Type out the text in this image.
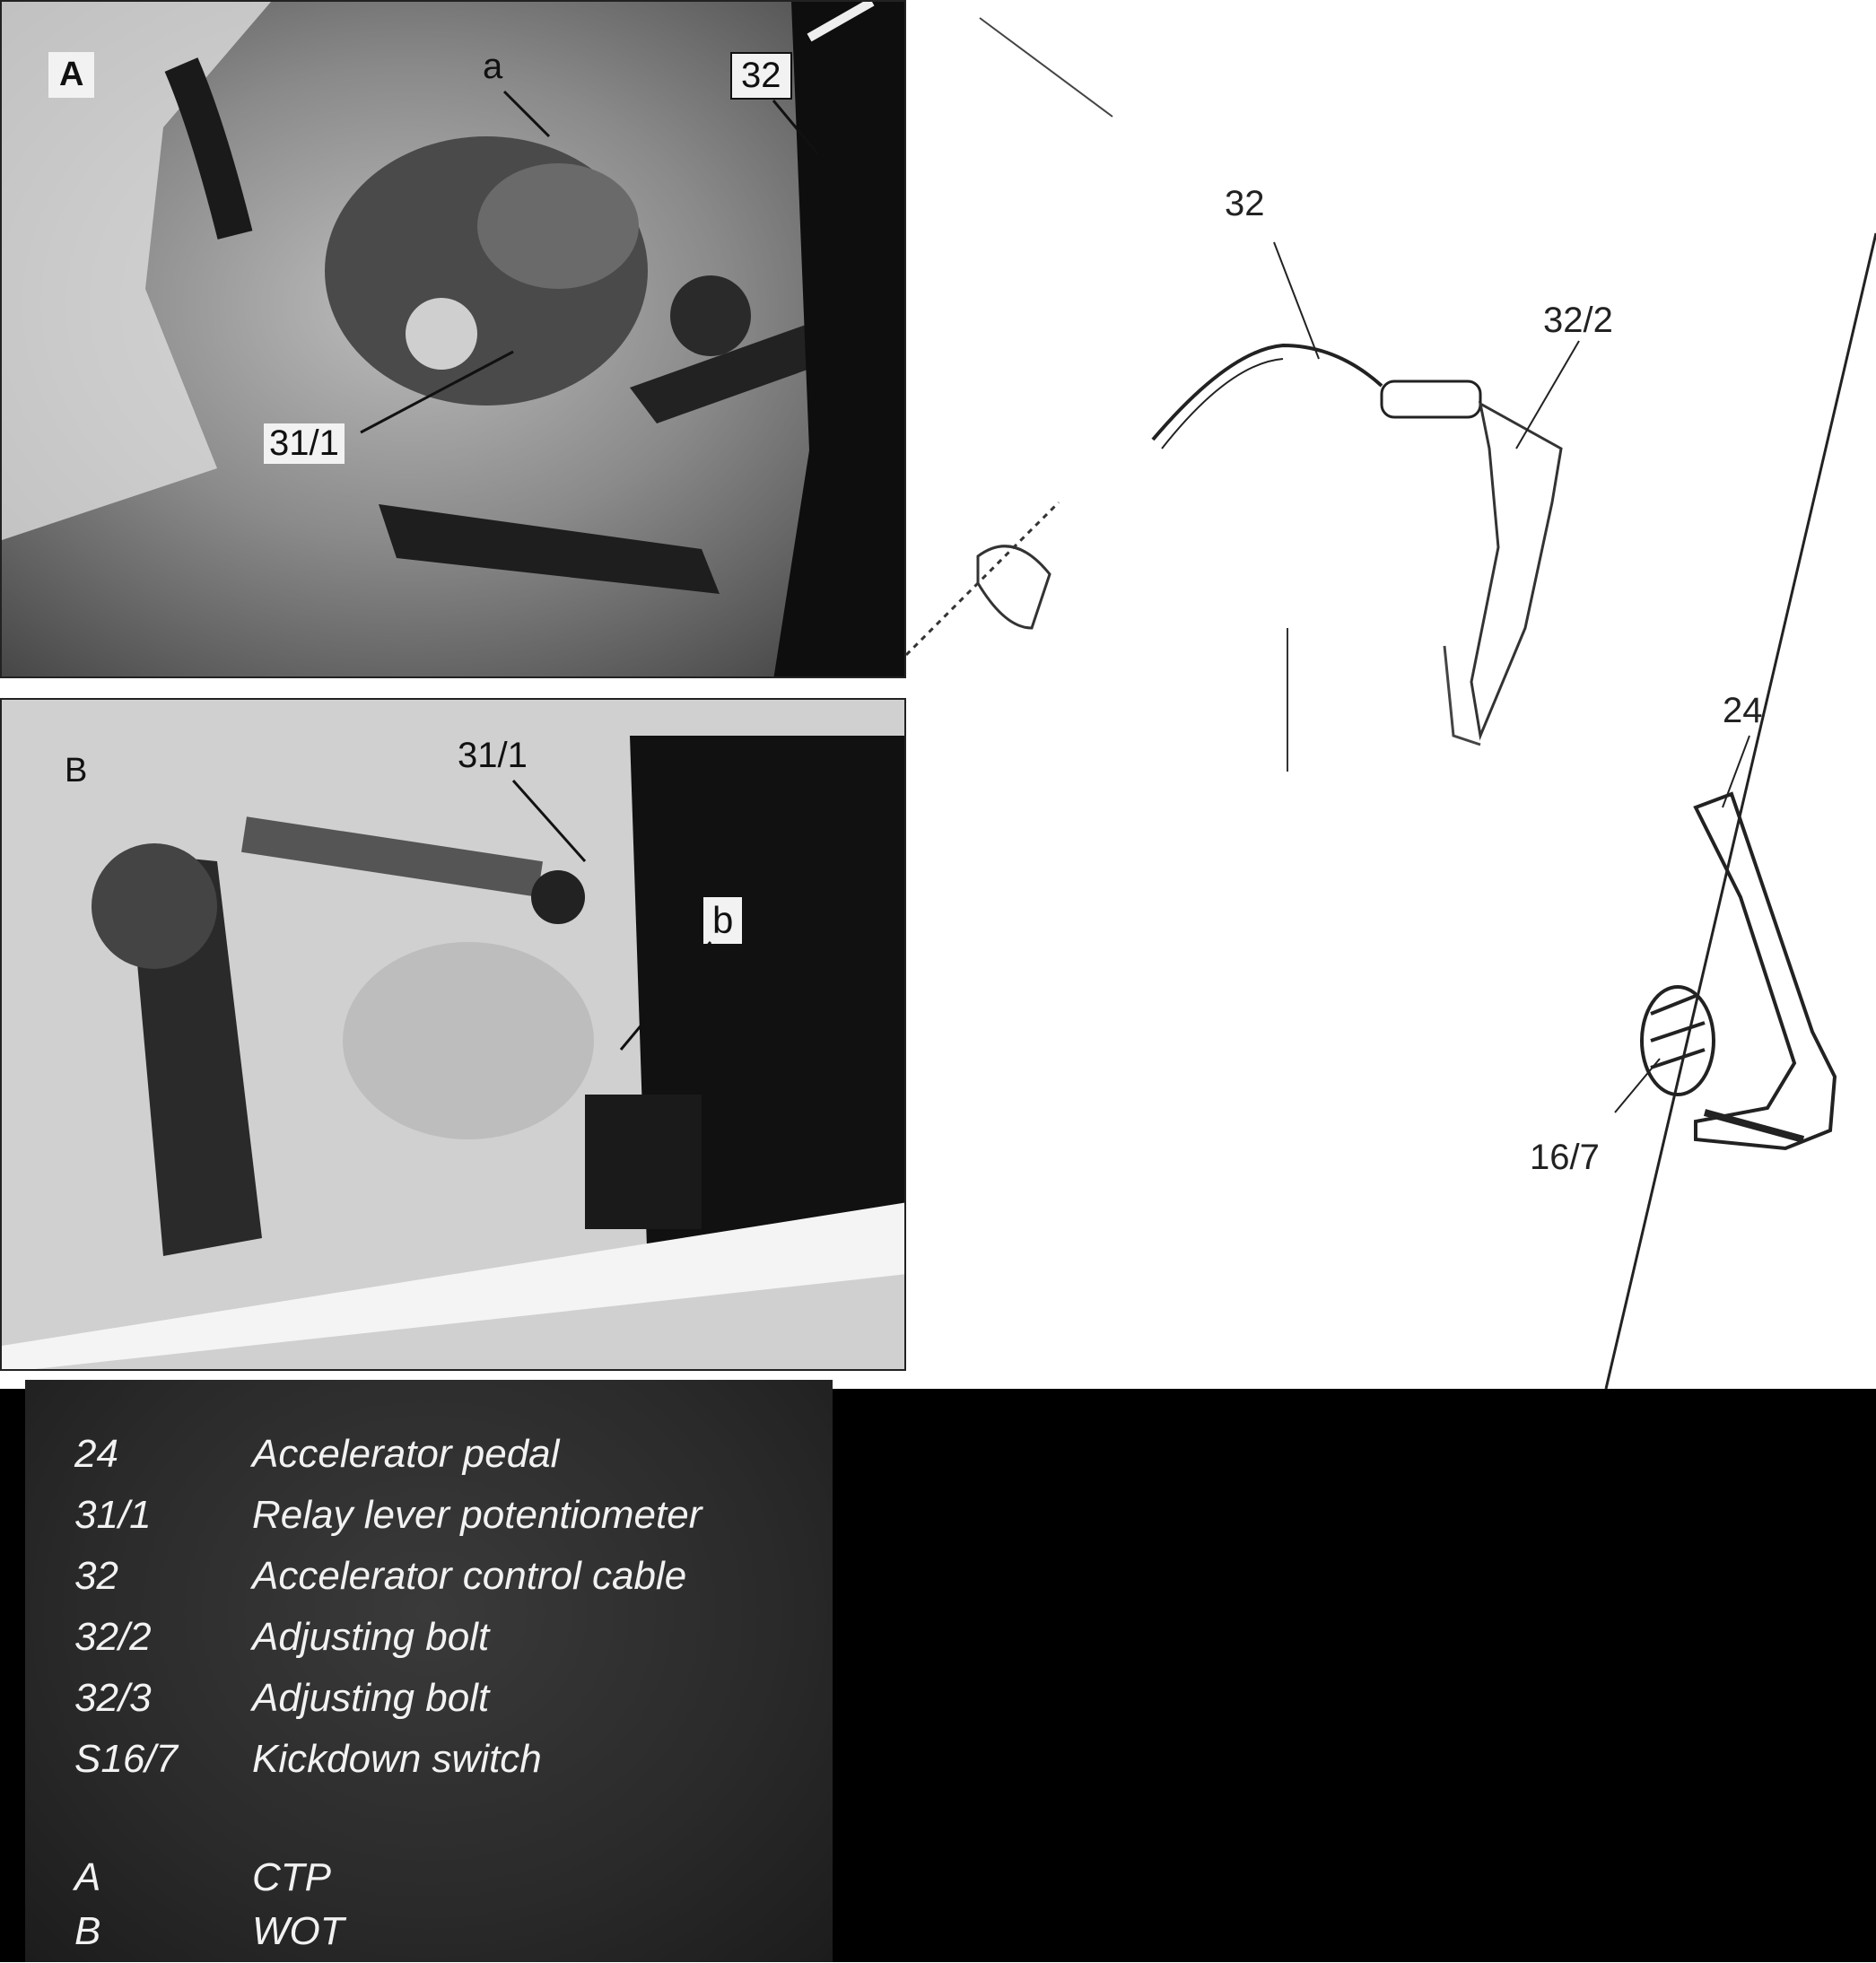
A	a	32
31/1
B	31/1
b
32
32/2
24
16/7
24	Accelerator pedal
31/1	Relay lever potentiometer
32	Accelerator control cable
32/2	Adjusting bolt
32/3	Adjusting bolt
S16/7	Kickdown switch
A	CTP
B	WOT
